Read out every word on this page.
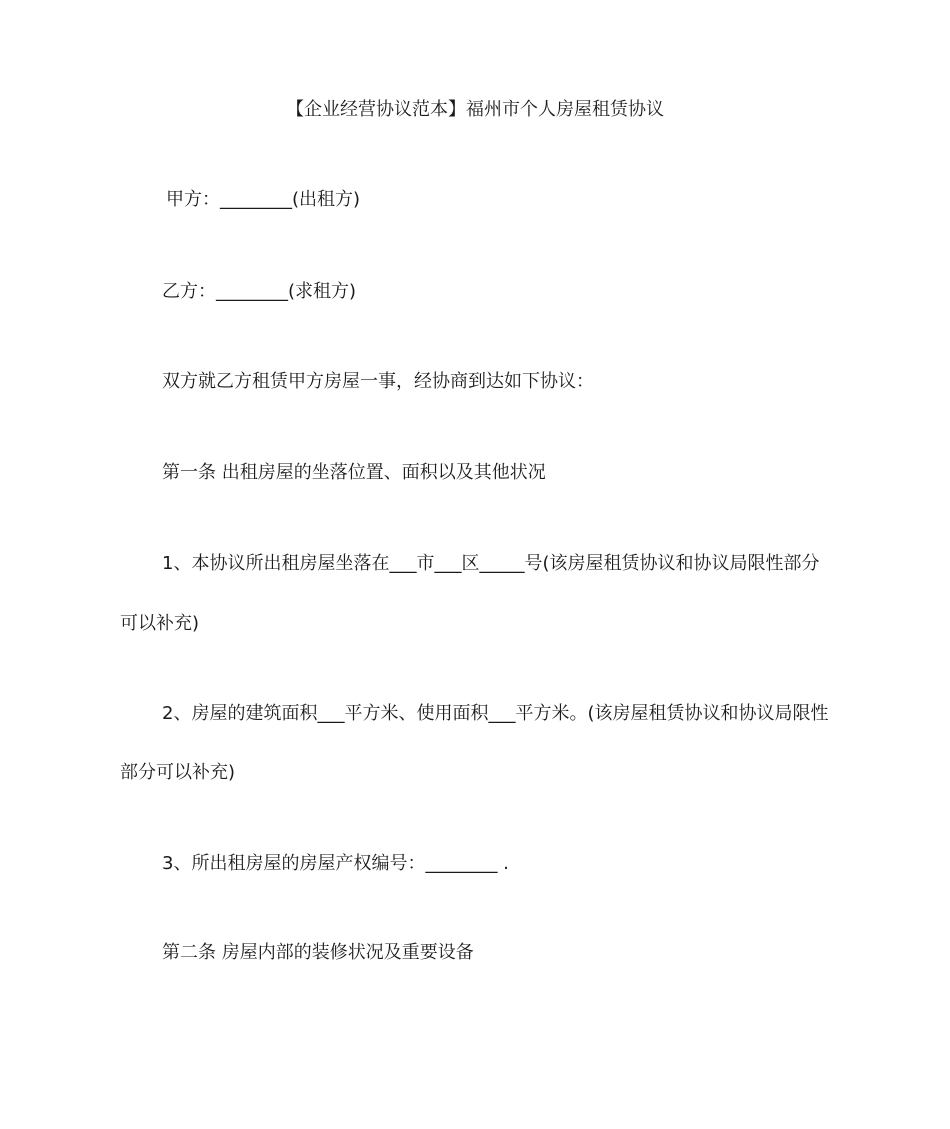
【企业经营协议范本】福州市个人房屋租赁协议
甲方：________(出租方)
乙方：________(求租方)
双方就乙方租赁甲方房屋一事，经协商到达如下协议：
第一条 出租房屋的坐落位置、面积以及其他状况
1、本协议所出租房屋坐落在___市___区_____号(该房屋租赁协议和协议局限性部分
可以补充)
2、房屋的建筑面积___平方米、使用面积___平方米。(该房屋租赁协议和协议局限性
部分可以补充)
3、所出租房屋的房屋产权编号：________ .
第二条 房屋内部的装修状况及重要设备
